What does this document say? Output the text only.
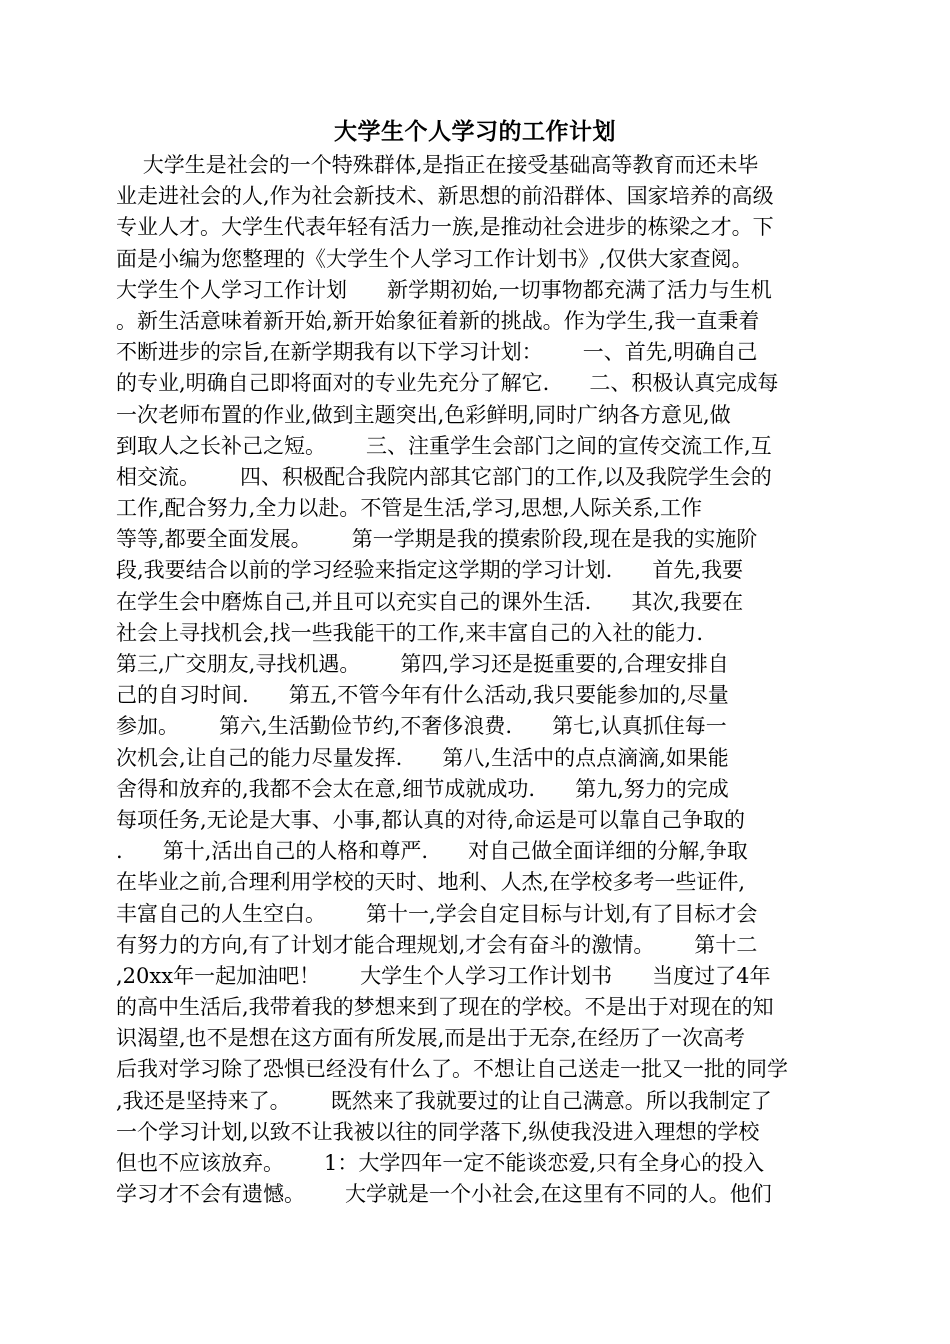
大学生个人学习的工作计划
大学生是社会的一个特殊群体,是指正在接受基础高等教育而还未毕
业走进社会的人,作为社会新技术、新思想的前沿群体、国家培养的高级
专业人才。大学生代表年轻有活力一族,是推动社会进步的栋梁之才。下
面是小编为您整理的《大学生个人学习工作计划书》,仅供大家查阅。
大学生个人学习工作计划      新学期初始,一切事物都充满了活力与生机
。新生活意味着新开始,新开始象征着新的挑战。作为学生,我一直秉着
不断进步的宗旨,在新学期我有以下学习计划：      一、首先,明确自己
的专业,明确自己即将面对的专业先充分了解它.      二、积极认真完成每
一次老师布置的作业,做到主题突出,色彩鲜明,同时广纳各方意见,做
到取人之长补己之短。      三、注重学生会部门之间的宣传交流工作,互
相交流。      四、积极配合我院内部其它部门的工作,以及我院学生会的
工作,配合努力,全力以赴。不管是生活,学习,思想,人际关系,工作
等等,都要全面发展。      第一学期是我的摸索阶段,现在是我的实施阶
段,我要结合以前的学习经验来指定这学期的学习计划.      首先,我要
在学生会中磨炼自己,并且可以充实自己的课外生活.      其次,我要在
社会上寻找机会,找一些我能干的工作,来丰富自己的入社的能力.
第三,广交朋友,寻找机遇。      第四,学习还是挺重要的,合理安排自
己的自习时间.      第五,不管今年有什么活动,我只要能参加的,尽量
参加。      第六,生活勤俭节约,不奢侈浪费.      第七,认真抓住每一
次机会,让自己的能力尽量发挥.      第八,生活中的点点滴滴,如果能
舍得和放弃的,我都不会太在意,细节成就成功.      第九,努力的完成
每项任务,无论是大事、小事,都认真的对待,命运是可以靠自己争取的
.      第十,活出自己的人格和尊严.      对自己做全面详细的分解,争取
在毕业之前,合理利用学校的天时、地利、人杰,在学校多考一些证件,
丰富自己的人生空白。      第十一,学会自定目标与计划,有了目标才会
有努力的方向,有了计划才能合理规划,才会有奋斗的激情。      第十二
,20xx年一起加油吧！      大学生个人学习工作计划书      当度过了4年
的高中生活后,我带着我的梦想来到了现在的学校。不是出于对现在的知
识渴望,也不是想在这方面有所发展,而是出于无奈,在经历了一次高考
后我对学习除了恐惧已经没有什么了。不想让自己送走一批又一批的同学
,我还是坚持来了。      既然来了我就要过的让自己满意。所以我制定了
一个学习计划,以致不让我被以往的同学落下,纵使我没进入理想的学校
但也不应该放弃。      1：大学四年一定不能谈恋爱,只有全身心的投入
学习才不会有遗憾。      大学就是一个小社会,在这里有不同的人。他们
